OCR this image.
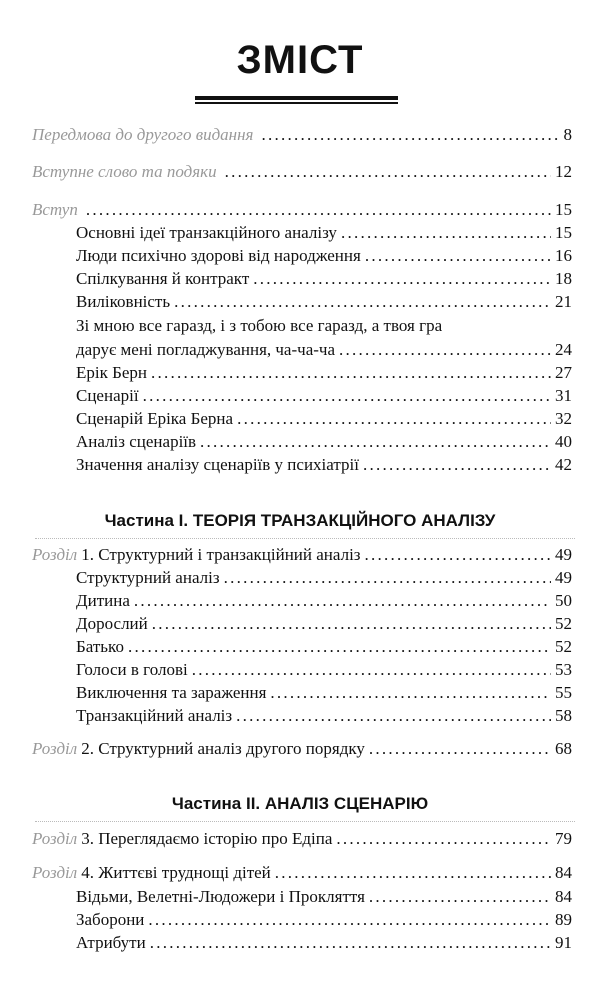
ЗМІСТ
Передмова до другого видання . . .	8
Вступне слово та подяки . . .	12
Вступ . . .	15
Основні ідеї транзакційного аналізу . . .	15
Люди психічно здорові від народження . . .	16
Спілкування й контракт . . .	18
Виліковність . . .	21
Зі мною все гаразд, і з тобою все гаразд, а твоя гра
дарує мені погладжування, ча-ча-ча . . .	24
Ерік Берн . . .	27
Сценарії . . .	31
Сценарій Еріка Берна . . .	32
Аналіз сценаріїв . . .	40
Значення аналізу сценаріїв у психіатрії . . .	42
Частина І. ТЕОРІЯ ТРАНЗАКЦІЙНОГО АНАЛІЗУ
Розділ 1. Структурний і транзакційний аналіз . . .	49
Структурний аналіз . . .	49
Дитина . . .	50
Дорослий . . .	52
Батько . . .	52
Голоси в голові . . .	53
Виключення та зараження . . .	55
Транзакційний аналіз . . .	58
Розділ 2. Структурний аналіз другого порядку . . .	68
Частина ІІ. АНАЛІЗ СЦЕНАРІЮ
Розділ 3. Переглядаємо історію про Едіпа . . .	79
Розділ 4. Життєві труднощі дітей . . .	84
Відьми, Велетні-Людожери і Прокляття . . .	84
Заборони . . .	89
Атрибути . . .	91
